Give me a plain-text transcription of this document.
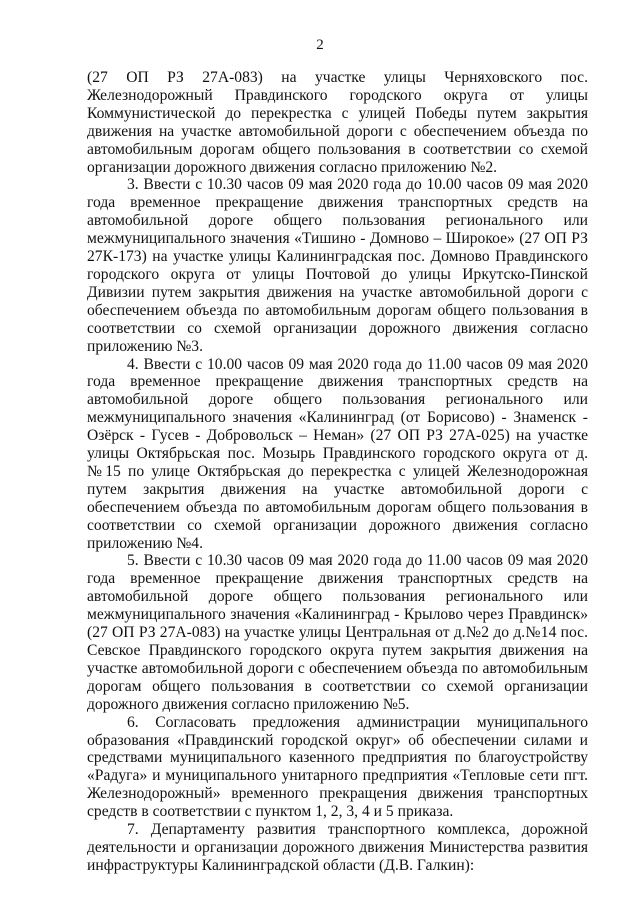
2

(27 ОП РЗ 27А-083) на участке улицы Черняховского пос. Железнодорожный Правдинского городского округа от улицы Коммунистической до перекрестка с улицей Победы путем закрытия движения на участке автомобильной дороги с обеспечением объезда по автомобильным дорогам общего пользования в соответствии со схемой организации дорожного движения согласно приложению №2.

3. Ввести с 10.30 часов 09 мая 2020 года до 10.00 часов 09 мая 2020 года временное прекращение движения транспортных средств на автомобильной дороге общего пользования регионального или межмуниципального значения «Тишино - Домново – Широкое» (27 ОП РЗ 27К-173) на участке улицы Калининградская пос. Домново Правдинского городского округа от улицы Почтовой до улицы Иркутско-Пинской Дивизии путем закрытия движения на участке автомобильной дороги с обеспечением объезда по автомобильным дорогам общего пользования в соответствии со схемой организации дорожного движения согласно приложению №3.

4. Ввести с 10.00 часов 09 мая 2020 года до 11.00 часов 09 мая 2020 года временное прекращение движения транспортных средств на автомобильной дороге общего пользования регионального или межмуниципального значения «Калининград (от Борисово) - Знаменск - Озёрск - Гусев - Добровольск – Неман» (27 ОП РЗ 27А-025) на участке улицы Октябрьская пос. Мозырь Правдинского городского округа от д. №15 по улице Октябрьская до перекрестка с улицей Железнодорожная путем закрытия движения на участке автомобильной дороги с обеспечением объезда по автомобильным дорогам общего пользования в соответствии со схемой организации дорожного движения согласно приложению №4.

5. Ввести с 10.30 часов 09 мая 2020 года до 11.00 часов 09 мая 2020 года временное прекращение движения транспортных средств на автомобильной дороге общего пользования регионального или межмуниципального значения «Калининград - Крылово через Правдинск» (27 ОП РЗ 27А-083) на участке улицы Центральная от д.№2 до д.№14 пос. Севское Правдинского городского округа путем закрытия движения на участке автомобильной дороги с обеспечением объезда по автомобильным дорогам общего пользования в соответствии со схемой организации дорожного движения согласно приложению №5.

6. Согласовать предложения администрации муниципального образования «Правдинский городской округ» об обеспечении силами и средствами муниципального казенного предприятия по благоустройству «Радуга» и муниципального унитарного предприятия «Тепловые сети пгт. Железнодорожный» временного прекращения движения транспортных средств в соответствии с пунктом 1, 2, 3, 4 и 5 приказа.

7. Департаменту развития транспортного комплекса, дорожной деятельности и организации дорожного движения Министерства развития инфраструктуры Калининградской области (Д.В. Галкин):
